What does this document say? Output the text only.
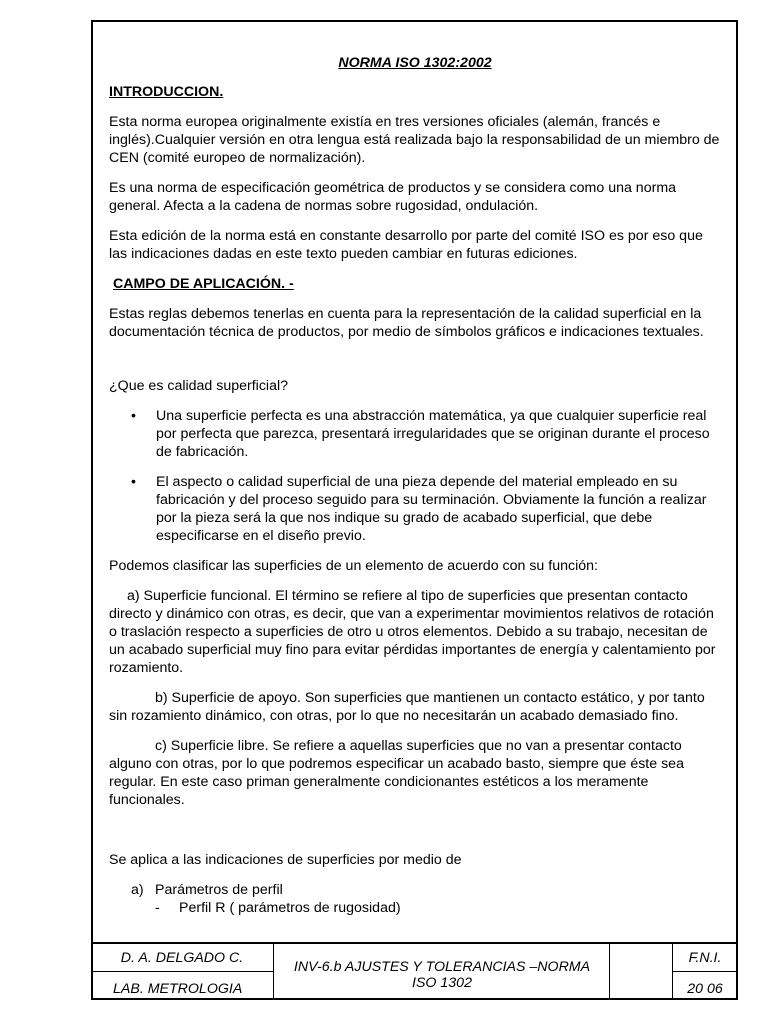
NORMA ISO 1302:2002
INTRODUCCION.

Esta norma europea originalmente existía en tres versiones oficiales (alemán, francés e inglés).Cualquier versión en otra lengua está realizada bajo la responsabilidad de un miembro de CEN (comité europeo de normalización).

Es una norma de especificación geométrica de productos y se considera como una norma general. Afecta a la cadena de normas sobre rugosidad, ondulación.

Esta edición de la norma está en constante desarrollo por parte del comité ISO es por eso que las indicaciones dadas en este texto pueden cambiar en futuras ediciones.

CAMPO DE APLICACIÓN. -

Estas reglas debemos tenerlas en cuenta para la representación de la calidad superficial en la documentación técnica de productos, por medio de símbolos gráficos e indicaciones textuales.

¿Que es calidad superficial?

• Una superficie perfecta es una abstracción matemática, ya que cualquier superficie real por perfecta que parezca, presentará irregularidades que se originan durante el proceso de fabricación.
• El aspecto o calidad superficial de una pieza depende del material empleado en su fabricación y del proceso seguido para su terminación. Obviamente la función a realizar por la pieza será la que nos indique su grado de acabado superficial, que debe especificarse en el diseño previo.

Podemos clasificar las superficies de un elemento de acuerdo con su función:

a) Superficie funcional. El término se refiere al tipo de superficies que presentan contacto directo y dinámico con otras, es decir, que van a experimentar movimientos relativos de rotación o traslación respecto a superficies de otro u otros elementos. Debido a su trabajo, necesitan de un acabado superficial muy fino para evitar pérdidas importantes de energía y calentamiento por rozamiento.

b) Superficie de apoyo. Son superficies que mantienen un contacto estático, y por tanto sin rozamiento dinámico, con otras, por lo que no necesitarán un acabado demasiado fino.

c) Superficie libre. Se refiere a aquellas superficies que no van a presentar contacto alguno con otras, por lo que podremos especificar un acabado basto, siempre que éste sea regular. En este caso priman generalmente condicionantes estéticos a los meramente funcionales.

Se aplica a las indicaciones de superficies por medio de

a) Parámetros de perfil
- Perfil R ( parámetros de rugosidad)
D. A. DELGADO C.
LAB. METROLOGIA
INV-6.b AJUSTES Y TOLERANCIAS –NORMA ISO 1302
F.N.I.
20 06
